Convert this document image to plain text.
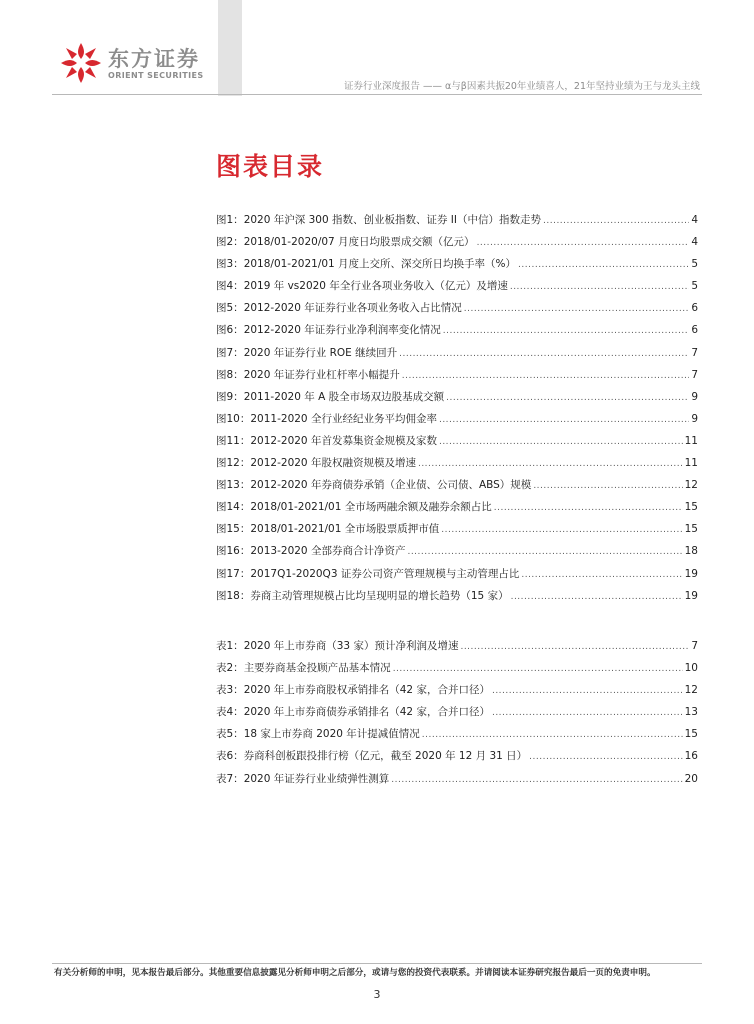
东方证券
ORIENT SECURITIES
证券行业深度报告 —— α与β因素共振20年业绩喜人，21年坚持业绩为王与龙头主线
图表目录
图1： 2020 年沪深 300 指数、创业板指数、证券 II（中信）指数走势 .....	4
图2： 2018/01-2020/07 月度日均股票成交额（亿元） .....	4
图3： 2018/01-2021/01 月度上交所、深交所日均换手率（%） .....	5
图4： 2019 年 vs2020 年全行业各项业务收入（亿元）及增速 .....	5
图5： 2012-2020 年证券行业各项业务收入占比情况 .....	6
图6： 2012-2020 年证券行业净利润率变化情况 .....	6
图7： 2020 年证券行业 ROE 继续回升 .....	7
图8： 2020 年证券行业杠杆率小幅提升 .....	7
图9： 2011-2020 年 A 股全市场双边股基成交额 .....	9
图10： 2011-2020 全行业经纪业务平均佣金率 .....	9
图11： 2012-2020 年首发募集资金规模及家数 .....	11
图12： 2012-2020 年股权融资规模及增速 .....	11
图13： 2012-2020 年券商债券承销（企业债、公司债、ABS）规模 .....	12
图14： 2018/01-2021/01 全市场两融余额及融券余额占比 .....	15
图15： 2018/01-2021/01 全市场股票质押市值 .....	15
图16： 2013-2020 全部券商合计净资产 .....	18
图17： 2017Q1-2020Q3 证券公司资产管理规模与主动管理占比 .....	19
图18： 券商主动管理规模占比均呈现明显的增长趋势（15 家） .....	19
表1： 2020 年上市券商（33 家）预计净利润及增速 .....	7
表2： 主要券商基金投顾产品基本情况 .....	10
表3： 2020 年上市券商股权承销排名（42 家，合并口径） .....	12
表4： 2020 年上市券商债券承销排名（42 家，合并口径） .....	13
表5： 18 家上市券商 2020 年计提减值情况 .....	15
表6： 券商科创板跟投排行榜（亿元，截至 2020 年 12 月 31 日） .....	16
表7： 2020 年证券行业业绩弹性测算 .....	20
有关分析师的申明，见本报告最后部分。其他重要信息披露见分析师申明之后部分，或请与您的投资代表联系。并请阅读本证券研究报告最后一页的免责申明。
3
